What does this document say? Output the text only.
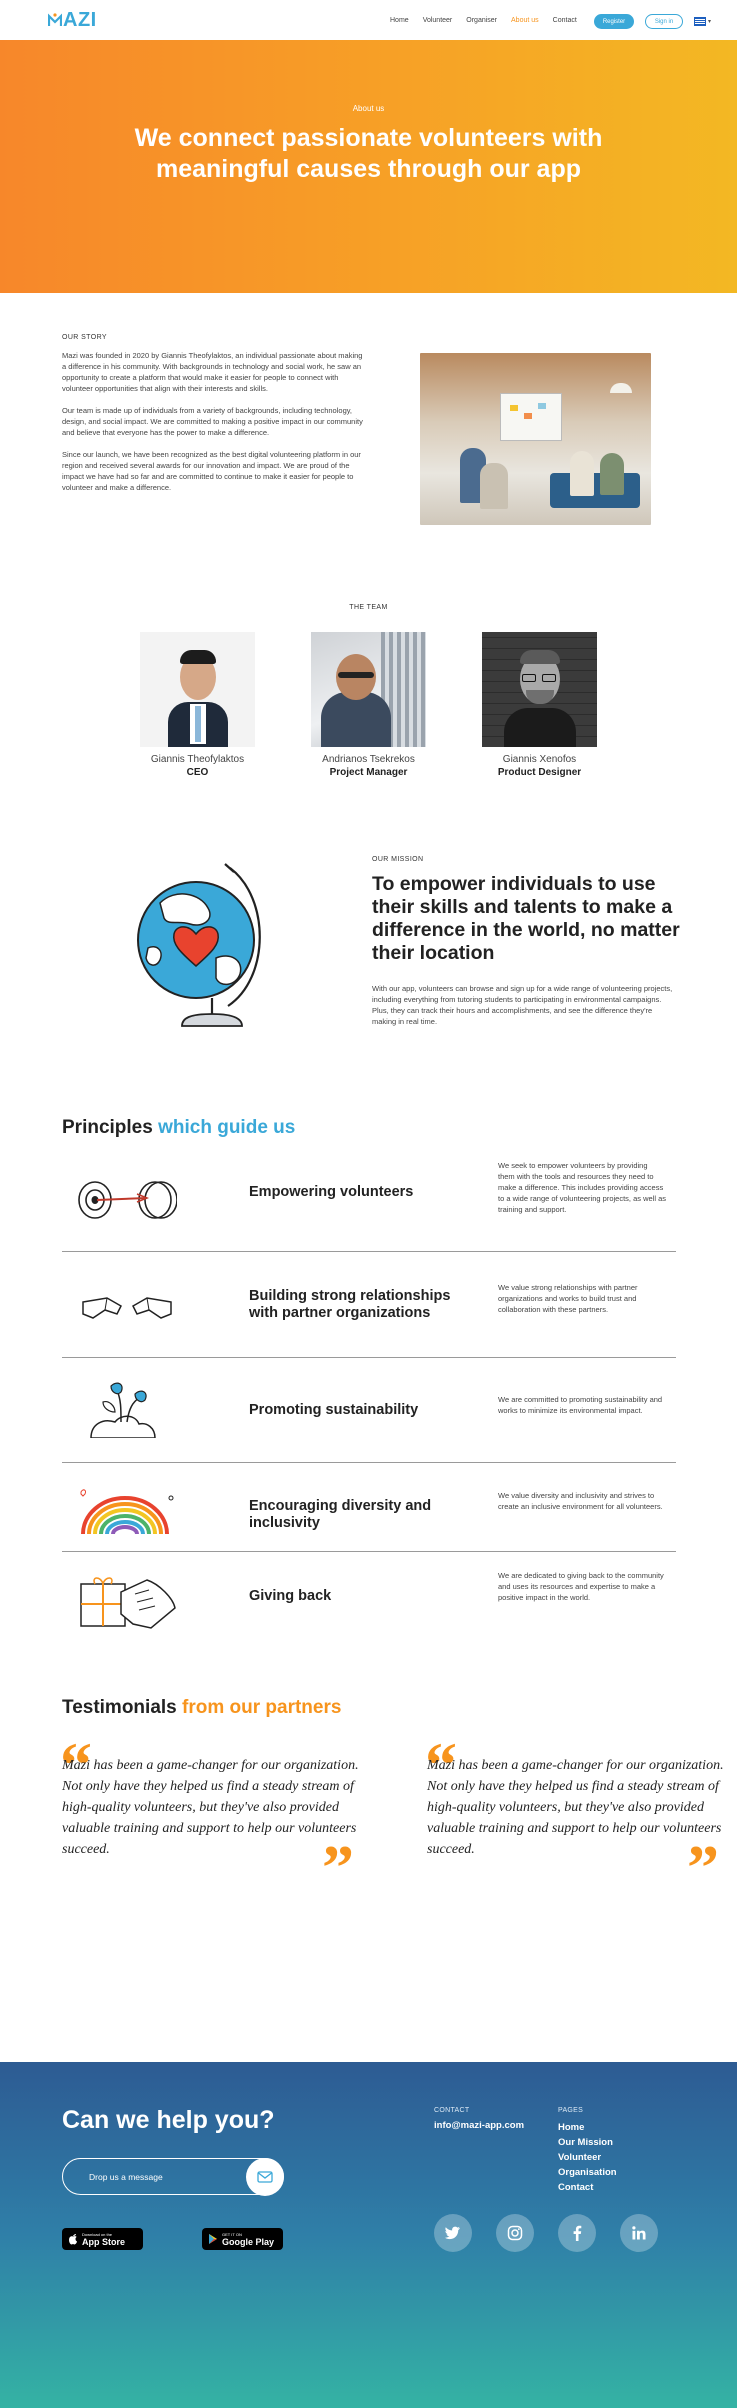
AZI	Home Volunteer Organiser About us Contact	Register	Sign in	▾
About us
We connect passionate volunteers with meaningful causes through our app
OUR STORY

Mazi was founded in 2020 by Giannis Theofylaktos, an individual passionate about making a difference in his community. With backgrounds in technology and social work, he saw an opportunity to create a platform that would make it easier for people to connect with volunteer opportunities that align with their interests and skills.

Our team is made up of individuals from a variety of backgrounds, including technology, design, and social impact. We are committed to making a positive impact in our community and believe that everyone has the power to make a difference.

Since our launch, we have been recognized as the best digital volunteering platform in our region and received several awards for our innovation and impact. We are proud of the impact we have had so far and are committed to continue to make it easier for people to volunteer and make a difference.

THE TEAM
Giannis Theofylaktos
CEO
Andrianos Tsekrekos
Project Manager
Giannis Xenofos
Product Designer
OUR MISSION
To empower individuals to use their skills and talents to make a difference in the world, no matter their location
With our app, volunteers can browse and sign up for a wide range of volunteering projects, including everything from tutoring students to participating in environmental campaigns. Plus, they can track their hours and accomplishments, and see the difference they're making in real time.
Principles which guide us
Empowering volunteers

We seek to empower volunteers by providing them with the tools and resources they need to make a difference. This includes providing access to a wide range of volunteering projects, as well as training and support.

Building strong relationships with partner organizations

We value strong relationships with partner organizations and works to build trust and collaboration with these partners.

Promoting sustainability

We are committed to promoting sustainability and works to minimize its environmental impact.

Encouraging diversity and inclusivity

We value diversity and inclusivity and strives to create an inclusive environment for all volunteers.

Giving back

We are dedicated to giving back to the community and uses its resources and expertise to make a positive impact in the world.

Testimonials from our partners
“
Mazi has been a game-changer for our organization. Not only have they helped us find a steady stream of high-quality volunteers, but they've also provided valuable training and support to help our volunteers succeed.	”
“
Mazi has been a game-changer for our organization. Not only have they helped us find a steady stream of high-quality volunteers, but they've also provided valuable training and support to help our volunteers succeed.	”
Can we help you?
Drop us a message
Download on the
App Store
GET IT ON
Google Play
CONTACT
info@mazi-app.com
PAGES
Home
Our Mission
Volunteer
Organisation
Contact
